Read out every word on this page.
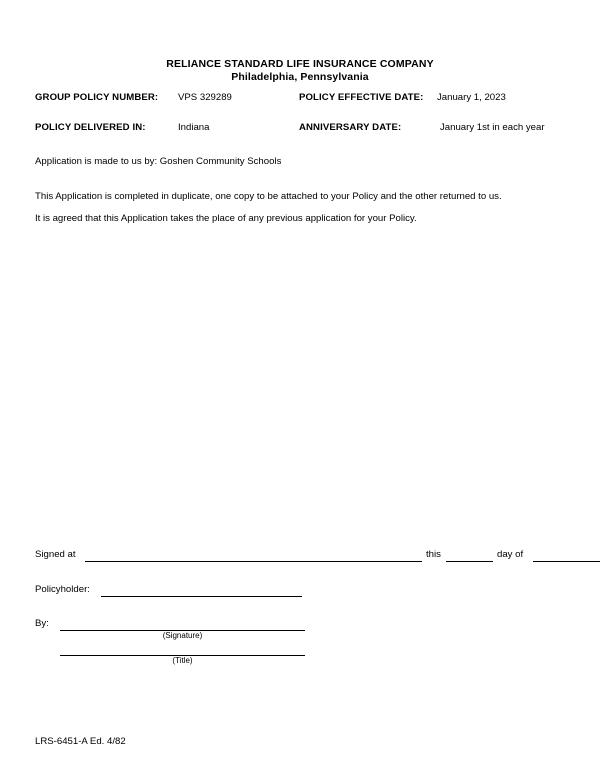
RELIANCE STANDARD LIFE INSURANCE COMPANY
Philadelphia, Pennsylvania
GROUP POLICY NUMBER: VPS 329289	POLICY EFFECTIVE DATE: January 1, 2023
POLICY DELIVERED IN:	Indiana	ANNIVERSARY DATE:	January 1st in each year
Application is made to us by: Goshen Community Schools
This Application is completed in duplicate, one copy to be attached to your Policy and the other returned to us.
It is agreed that this Application takes the place of any previous application for your Policy.
Signed at	this	day of
Policyholder:
By:
(Signature)
(Title)
LRS-6451-A Ed. 4/82
